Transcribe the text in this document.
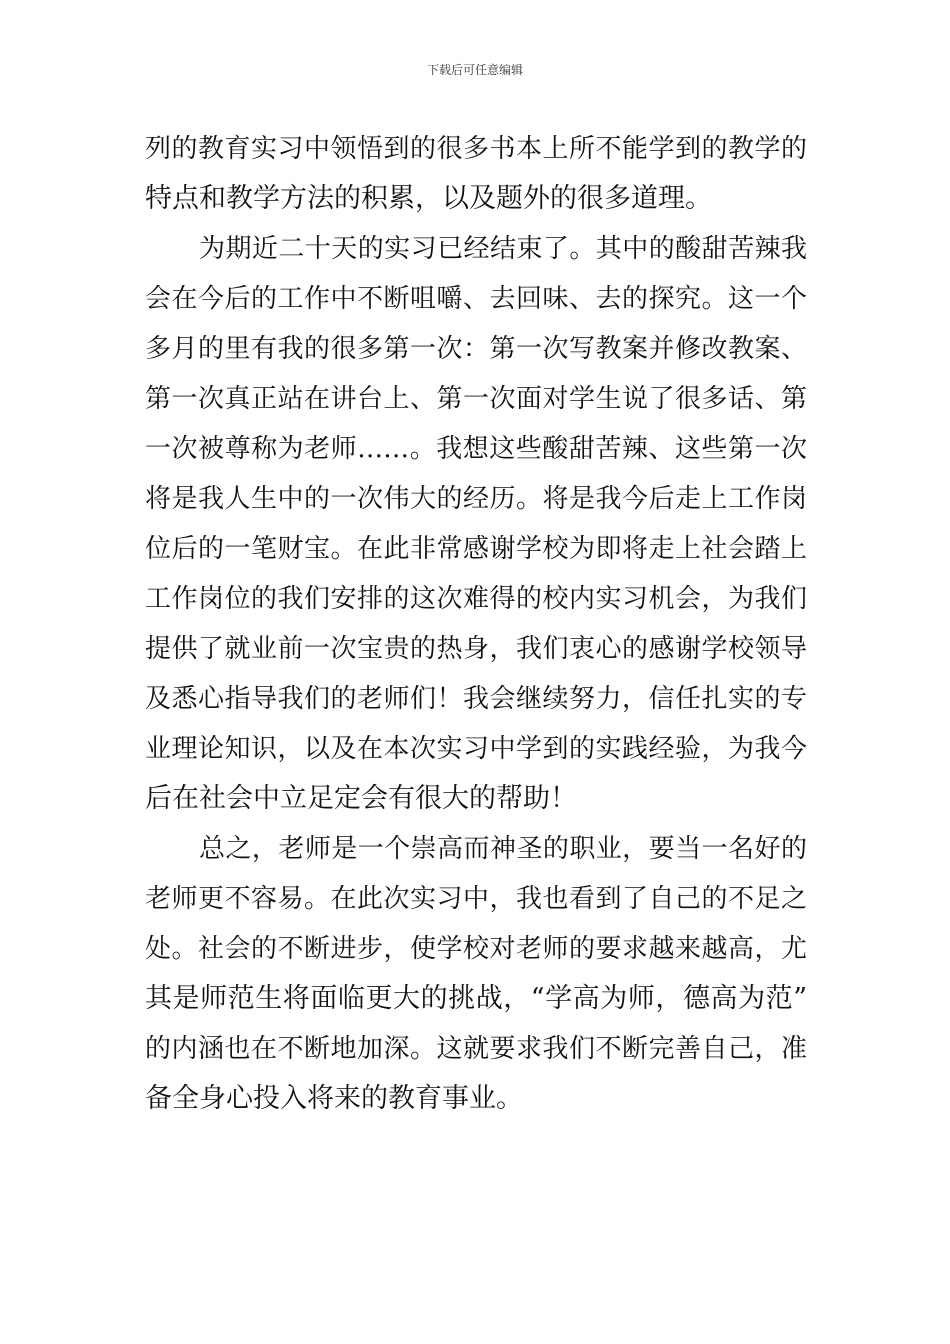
下载后可任意编辑
列的教育实习中领悟到的很多书本上所不能学到的教学的
特点和教学方法的积累，以及题外的很多道理。
为期近二十天的实习已经结束了。其中的酸甜苦辣我
会在今后的工作中不断咀嚼、去回味、去的探究。这一个
多月的里有我的很多第一次：第一次写教案并修改教案、
第一次真正站在讲台上、第一次面对学生说了很多话、第
一次被尊称为老师……。我想这些酸甜苦辣、这些第一次
将是我人生中的一次伟大的经历。将是我今后走上工作岗
位后的一笔财宝。在此非常感谢学校为即将走上社会踏上
工作岗位的我们安排的这次难得的校内实习机会，为我们
提供了就业前一次宝贵的热身，我们衷心的感谢学校领导
及悉心指导我们的老师们！我会继续努力，信任扎实的专
业理论知识，以及在本次实习中学到的实践经验，为我今
后在社会中立足定会有很大的帮助！
总之，老师是一个崇高而神圣的职业，要当一名好的
老师更不容易。在此次实习中，我也看到了自己的不足之
处。社会的不断进步，使学校对老师的要求越来越高，尤
其是师范生将面临更大的挑战，“学高为师，德高为范”
的内涵也在不断地加深。这就要求我们不断完善自己，准
备全身心投入将来的教育事业。
